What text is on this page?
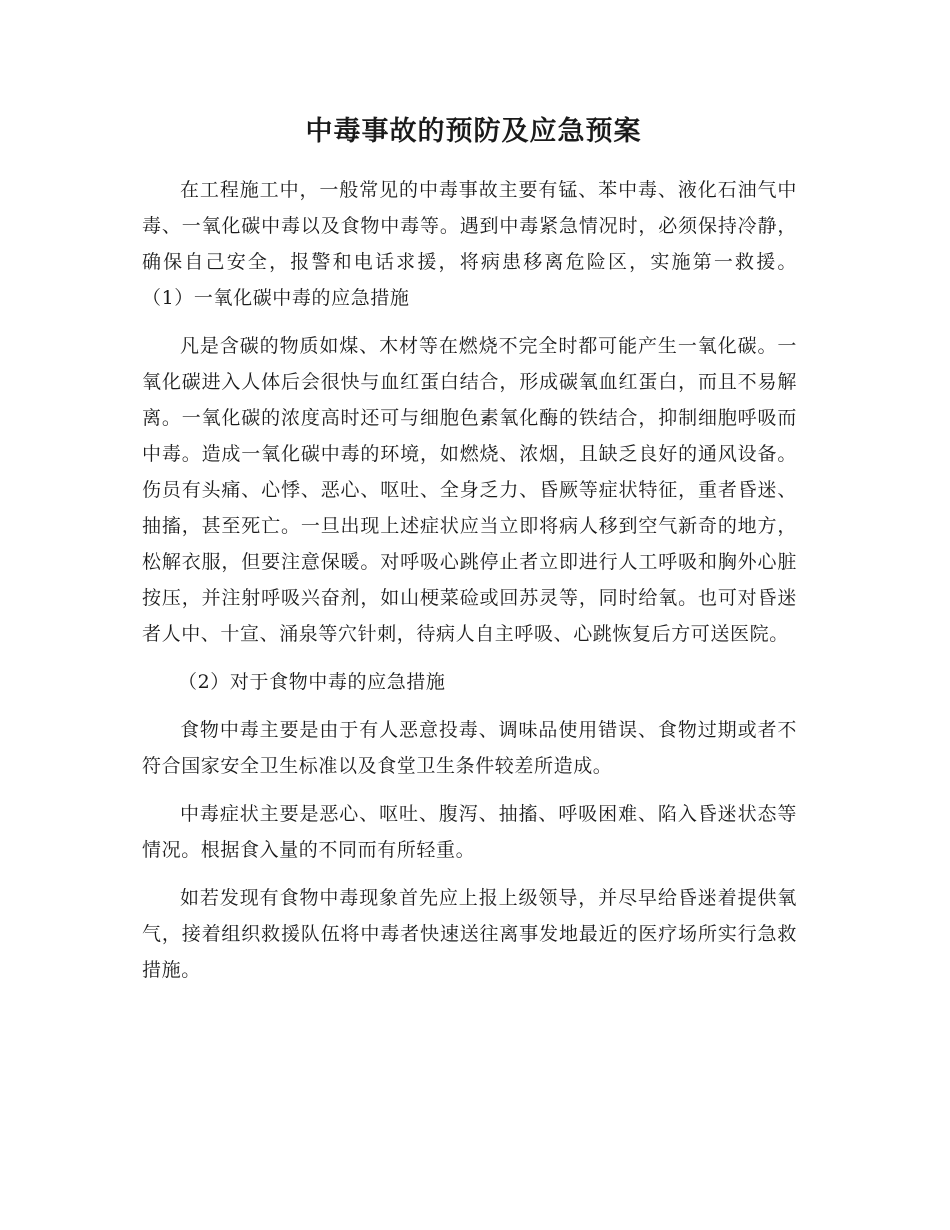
中毒事故的预防及应急预案

在工程施工中，一般常见的中毒事故主要有锰、苯中毒、液化石油气中毒、一氧化碳中毒以及食物中毒等。遇到中毒紧急情况时，必须保持冷静，确保自己安全，报警和电话求援，将病患移离危险区，实施第一救援。 （1）一氧化碳中毒的应急措施

凡是含碳的物质如煤、木材等在燃烧不完全时都可能产生一氧化碳。一氧化碳进入人体后会很快与血红蛋白结合，形成碳氧血红蛋白，而且不易解离。一氧化碳的浓度高时还可与细胞色素氧化酶的铁结合，抑制细胞呼吸而中毒。造成一氧化碳中毒的环境，如燃烧、浓烟，且缺乏良好的通风设备。伤员有头痛、心悸、恶心、呕吐、全身乏力、昏厥等症状特征，重者昏迷、抽搐，甚至死亡。一旦出现上述症状应当立即将病人移到空气新奇的地方，松解衣服，但要注意保暖。对呼吸心跳停止者立即进行人工呼吸和胸外心脏按压，并注射呼吸兴奋剂，如山梗菜硷或回苏灵等，同时给氧。也可对昏迷者人中、十宣、涌泉等穴针刺，待病人自主呼吸、心跳恢复后方可送医院。

（2）对于食物中毒的应急措施

食物中毒主要是由于有人恶意投毒、调味品使用错误、食物过期或者不符合国家安全卫生标准以及食堂卫生条件较差所造成。

中毒症状主要是恶心、呕吐、腹泻、抽搐、呼吸困难、陷入昏迷状态等情况。根据食入量的不同而有所轻重。

如若发现有食物中毒现象首先应上报上级领导，并尽早给昏迷着提供氧气，接着组织救援队伍将中毒者快速送往离事发地最近的医疗场所实行急救措施。
